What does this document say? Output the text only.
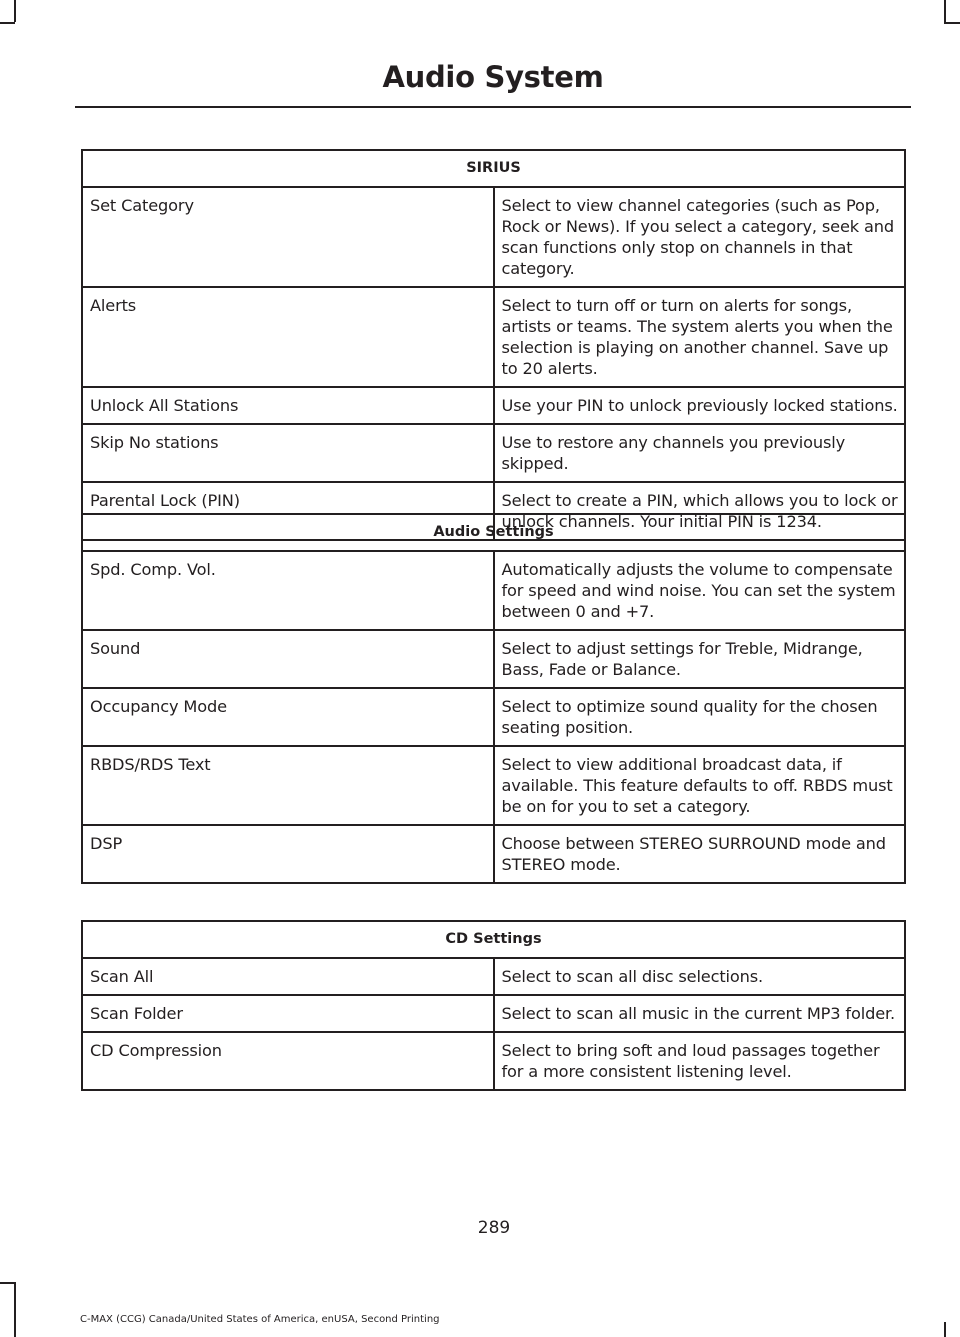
Audio System
SIRIUS	
Set Category	Select to view channel categories (such as Pop, Rock or News). If you select a category, seek and scan functions only stop on channels in that category.
Alerts	Select to turn off or turn on alerts for songs, artists or teams. The system alerts you when the selection is playing on another channel. Save up to 20 alerts.
Unlock All Stations	Use your PIN to unlock previously locked stations.
Skip No stations	Use to restore any channels you previously skipped.
Parental Lock (PIN)	Select to create a PIN, which allows you to lock or unlock channels. Your initial PIN is 1234.
Audio Settings	
Spd. Comp. Vol.	Automatically adjusts the volume to compensate for speed and wind noise. You can set the system between 0 and +7.
Sound	Select to adjust settings for Treble, Midrange, Bass, Fade or Balance.
Occupancy Mode	Select to optimize sound quality for the chosen seating position.
RBDS/RDS Text	Select to view additional broadcast data, if available. This feature defaults to off. RBDS must be on for you to set a category.
DSP	Choose between STEREO SURROUND mode and STEREO mode.
CD Settings	
Scan All	Select to scan all disc selections.
Scan Folder	Select to scan all music in the current MP3 folder.
CD Compression	Select to bring soft and loud passages together for a more consistent listening level.
289
C-MAX (CCG) Canada/United States of America, enUSA, Second Printing
